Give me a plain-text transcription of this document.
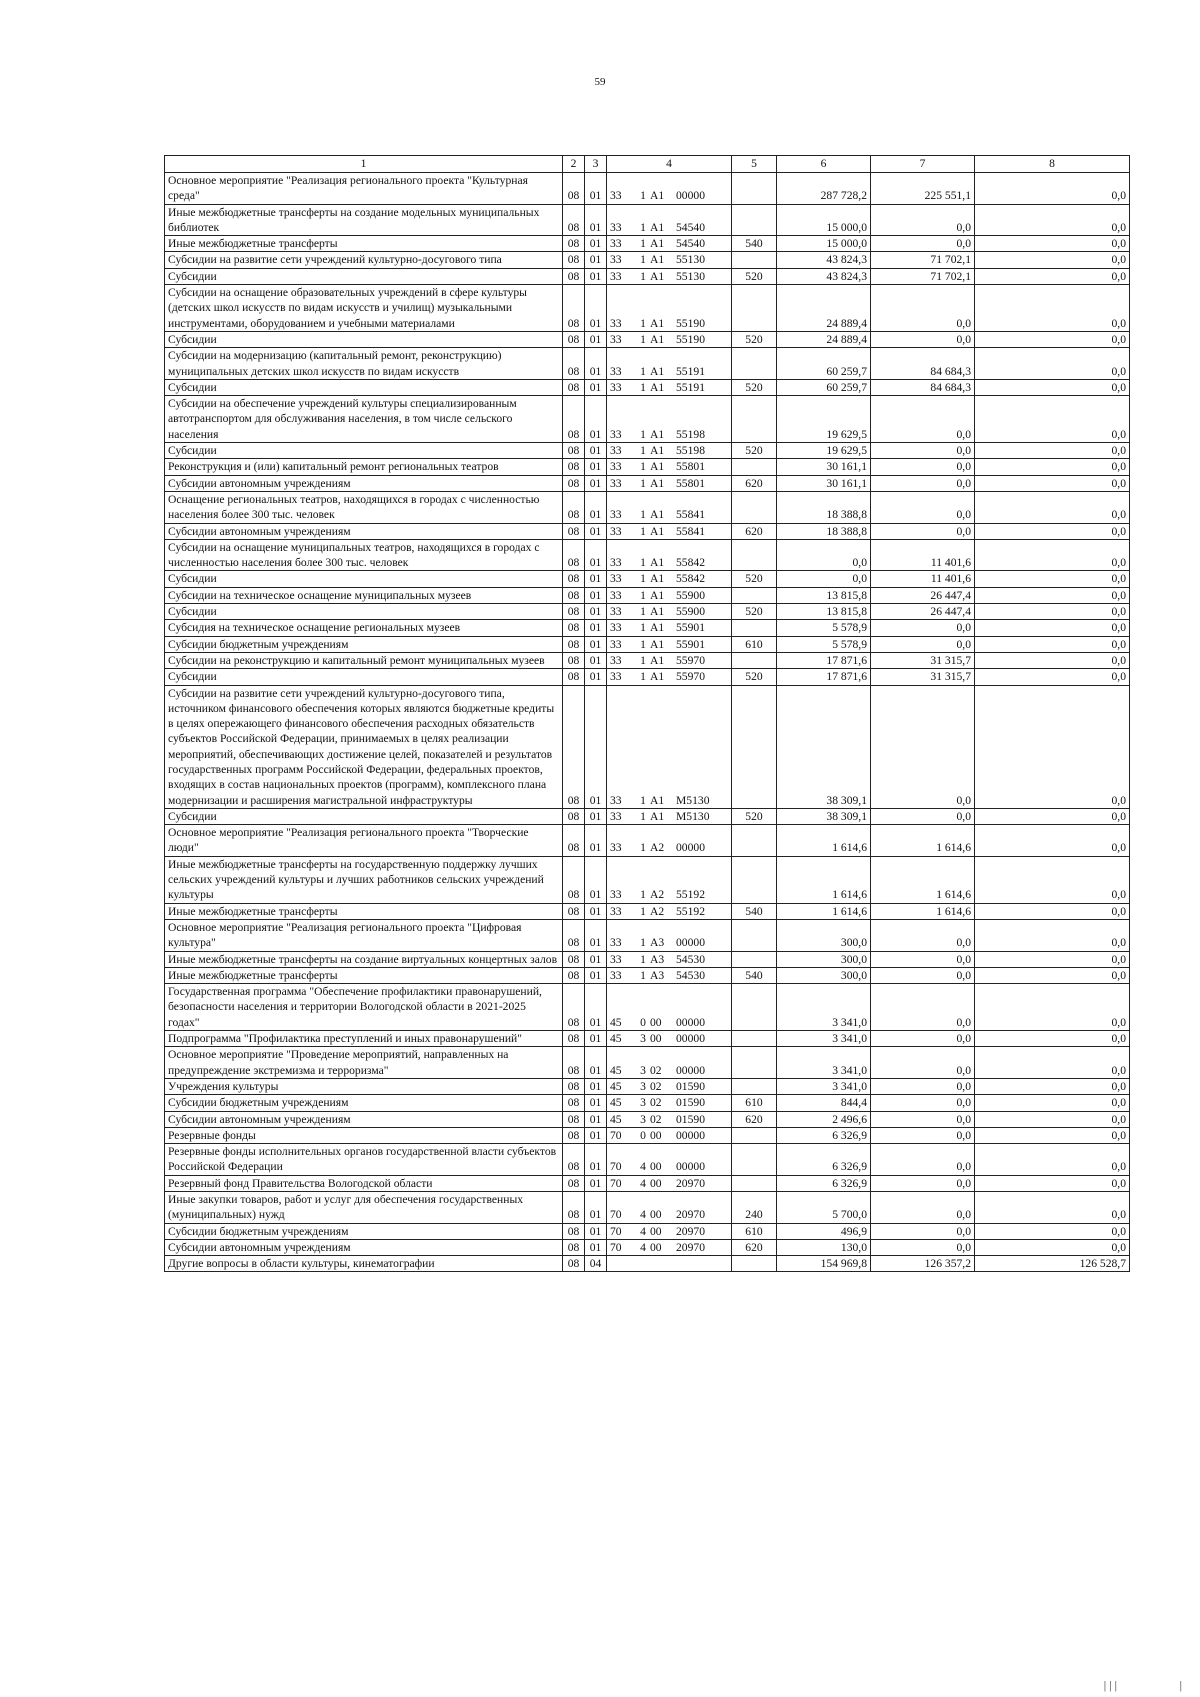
59
1	2	3	4	5	6	7	8
Основное мероприятие "Реализация регионального проекта "Культурная среда"	08	01	33 1 A1 00000		287 728,2	225 551,1	0,0
Иные межбюджетные трансферты на создание модельных муниципальных библиотек	08	01	33 1 A1 54540		15 000,0	0,0	0,0
Иные межбюджетные трансферты	08	01	33 1 A1 54540	540	15 000,0	0,0	0,0
Субсидии на развитие сети учреждений культурно-досугового типа	08	01	33 1 A1 55130		43 824,3	71 702,1	0,0
Субсидии	08	01	33 1 A1 55130	520	43 824,3	71 702,1	0,0
Субсидии на оснащение образовательных учреждений в сфере культуры (детских школ искусств по видам искусств и училищ) музыкальными инструментами, оборудованием и учебными материалами	08	01	33 1 A1 55190		24 889,4	0,0	0,0
Субсидии	08	01	33 1 A1 55190	520	24 889,4	0,0	0,0
Субсидии на модернизацию (капитальный ремонт, реконструкцию) муниципальных детских школ искусств по видам искусств	08	01	33 1 A1 55191		60 259,7	84 684,3	0,0
Субсидии	08	01	33 1 A1 55191	520	60 259,7	84 684,3	0,0
Субсидии на обеспечение учреждений культуры специализированным автотранспортом для обслуживания населения, в том числе сельского населения	08	01	33 1 A1 55198		19 629,5	0,0	0,0
Субсидии	08	01	33 1 A1 55198	520	19 629,5	0,0	0,0
Реконструкция и (или) капитальный ремонт региональных театров	08	01	33 1 A1 55801		30 161,1	0,0	0,0
Субсидии автономным учреждениям	08	01	33 1 A1 55801	620	30 161,1	0,0	0,0
Оснащение региональных театров, находящихся в городах с численностью населения более 300 тыс. человек	08	01	33 1 A1 55841		18 388,8	0,0	0,0
Субсидии автономным учреждениям	08	01	33 1 A1 55841	620	18 388,8	0,0	0,0
Субсидии на оснащение муниципальных театров, находящихся в городах с численностью населения более 300 тыс. человек	08	01	33 1 A1 55842		0,0	11 401,6	0,0
Субсидии	08	01	33 1 A1 55842	520	0,0	11 401,6	0,0
Субсидии на техническое оснащение муниципальных музеев	08	01	33 1 A1 55900		13 815,8	26 447,4	0,0
Субсидии	08	01	33 1 A1 55900	520	13 815,8	26 447,4	0,0
Субсидия на техническое оснащение региональных музеев	08	01	33 1 A1 55901		5 578,9	0,0	0,0
Субсидии бюджетным учреждениям	08	01	33 1 A1 55901	610	5 578,9	0,0	0,0
Субсидии на реконструкцию и капитальный ремонт муниципальных музеев	08	01	33 1 A1 55970		17 871,6	31 315,7	0,0
Субсидии	08	01	33 1 A1 55970	520	17 871,6	31 315,7	0,0
Субсидии на развитие сети учреждений культурно-досугового типа, источником финансового обеспечения которых являются бюджетные кредиты в целях опережающего финансового обеспечения расходных обязательств субъектов Российской Федерации, принимаемых в целях реализации мероприятий, обеспечивающих достижение целей, показателей и результатов государственных программ Российской Федерации, федеральных проектов, входящих в состав национальных проектов (программ), комплексного плана модернизации и расширения магистральной инфраструктуры	08	01	33 1 A1 M5130		38 309,1	0,0	0,0
Субсидии	08	01	33 1 A1 M5130	520	38 309,1	0,0	0,0
Основное мероприятие "Реализация регионального проекта "Творческие люди"	08	01	33 1 A2 00000		1 614,6	1 614,6	0,0
Иные межбюджетные трансферты на государственную поддержку лучших сельских учреждений культуры и лучших работников сельских учреждений культуры	08	01	33 1 A2 55192		1 614,6	1 614,6	0,0
Иные межбюджетные трансферты	08	01	33 1 A2 55192	540	1 614,6	1 614,6	0,0
Основное мероприятие "Реализация регионального проекта "Цифровая культура"	08	01	33 1 A3 00000		300,0	0,0	0,0
Иные межбюджетные трансферты на создание виртуальных концертных залов	08	01	33 1 A3 54530		300,0	0,0	0,0
Иные межбюджетные трансферты	08	01	33 1 A3 54530	540	300,0	0,0	0,0
Государственная программа "Обеспечение профилактики правонарушений, безопасности населения и территории Вологодской области в 2021-2025 годах"	08	01	45 0 00 00000		3 341,0	0,0	0,0
Подпрограмма "Профилактика преступлений и иных правонарушений"	08	01	45 3 00 00000		3 341,0	0,0	0,0
Основное мероприятие "Проведение мероприятий, направленных на предупреждение экстремизма и терроризма"	08	01	45 3 02 00000		3 341,0	0,0	0,0
Учреждения культуры	08	01	45 3 02 01590		3 341,0	0,0	0,0
Субсидии бюджетным учреждениям	08	01	45 3 02 01590	610	844,4	0,0	0,0
Субсидии автономным учреждениям	08	01	45 3 02 01590	620	2 496,6	0,0	0,0
Резервные фонды	08	01	70 0 00 00000		6 326,9	0,0	0,0
Резервные фонды исполнительных органов государственной власти субъектов Российской Федерации	08	01	70 4 00 00000		6 326,9	0,0	0,0
Резервный фонд Правительства Вологодской области	08	01	70 4 00 20970		6 326,9	0,0	0,0
Иные закупки товаров, работ и услуг для обеспечения государственных (муниципальных) нужд	08	01	70 4 00 20970	240	5 700,0	0,0	0,0
Субсидии бюджетным учреждениям	08	01	70 4 00 20970	610	496,9	0,0	0,0
Субсидии автономным учреждениям	08	01	70 4 00 20970	620	130,0	0,0	0,0
Другие вопросы в области культуры, кинематографии	08	04			154 969,8	126 357,2	126 528,7
|||	|
